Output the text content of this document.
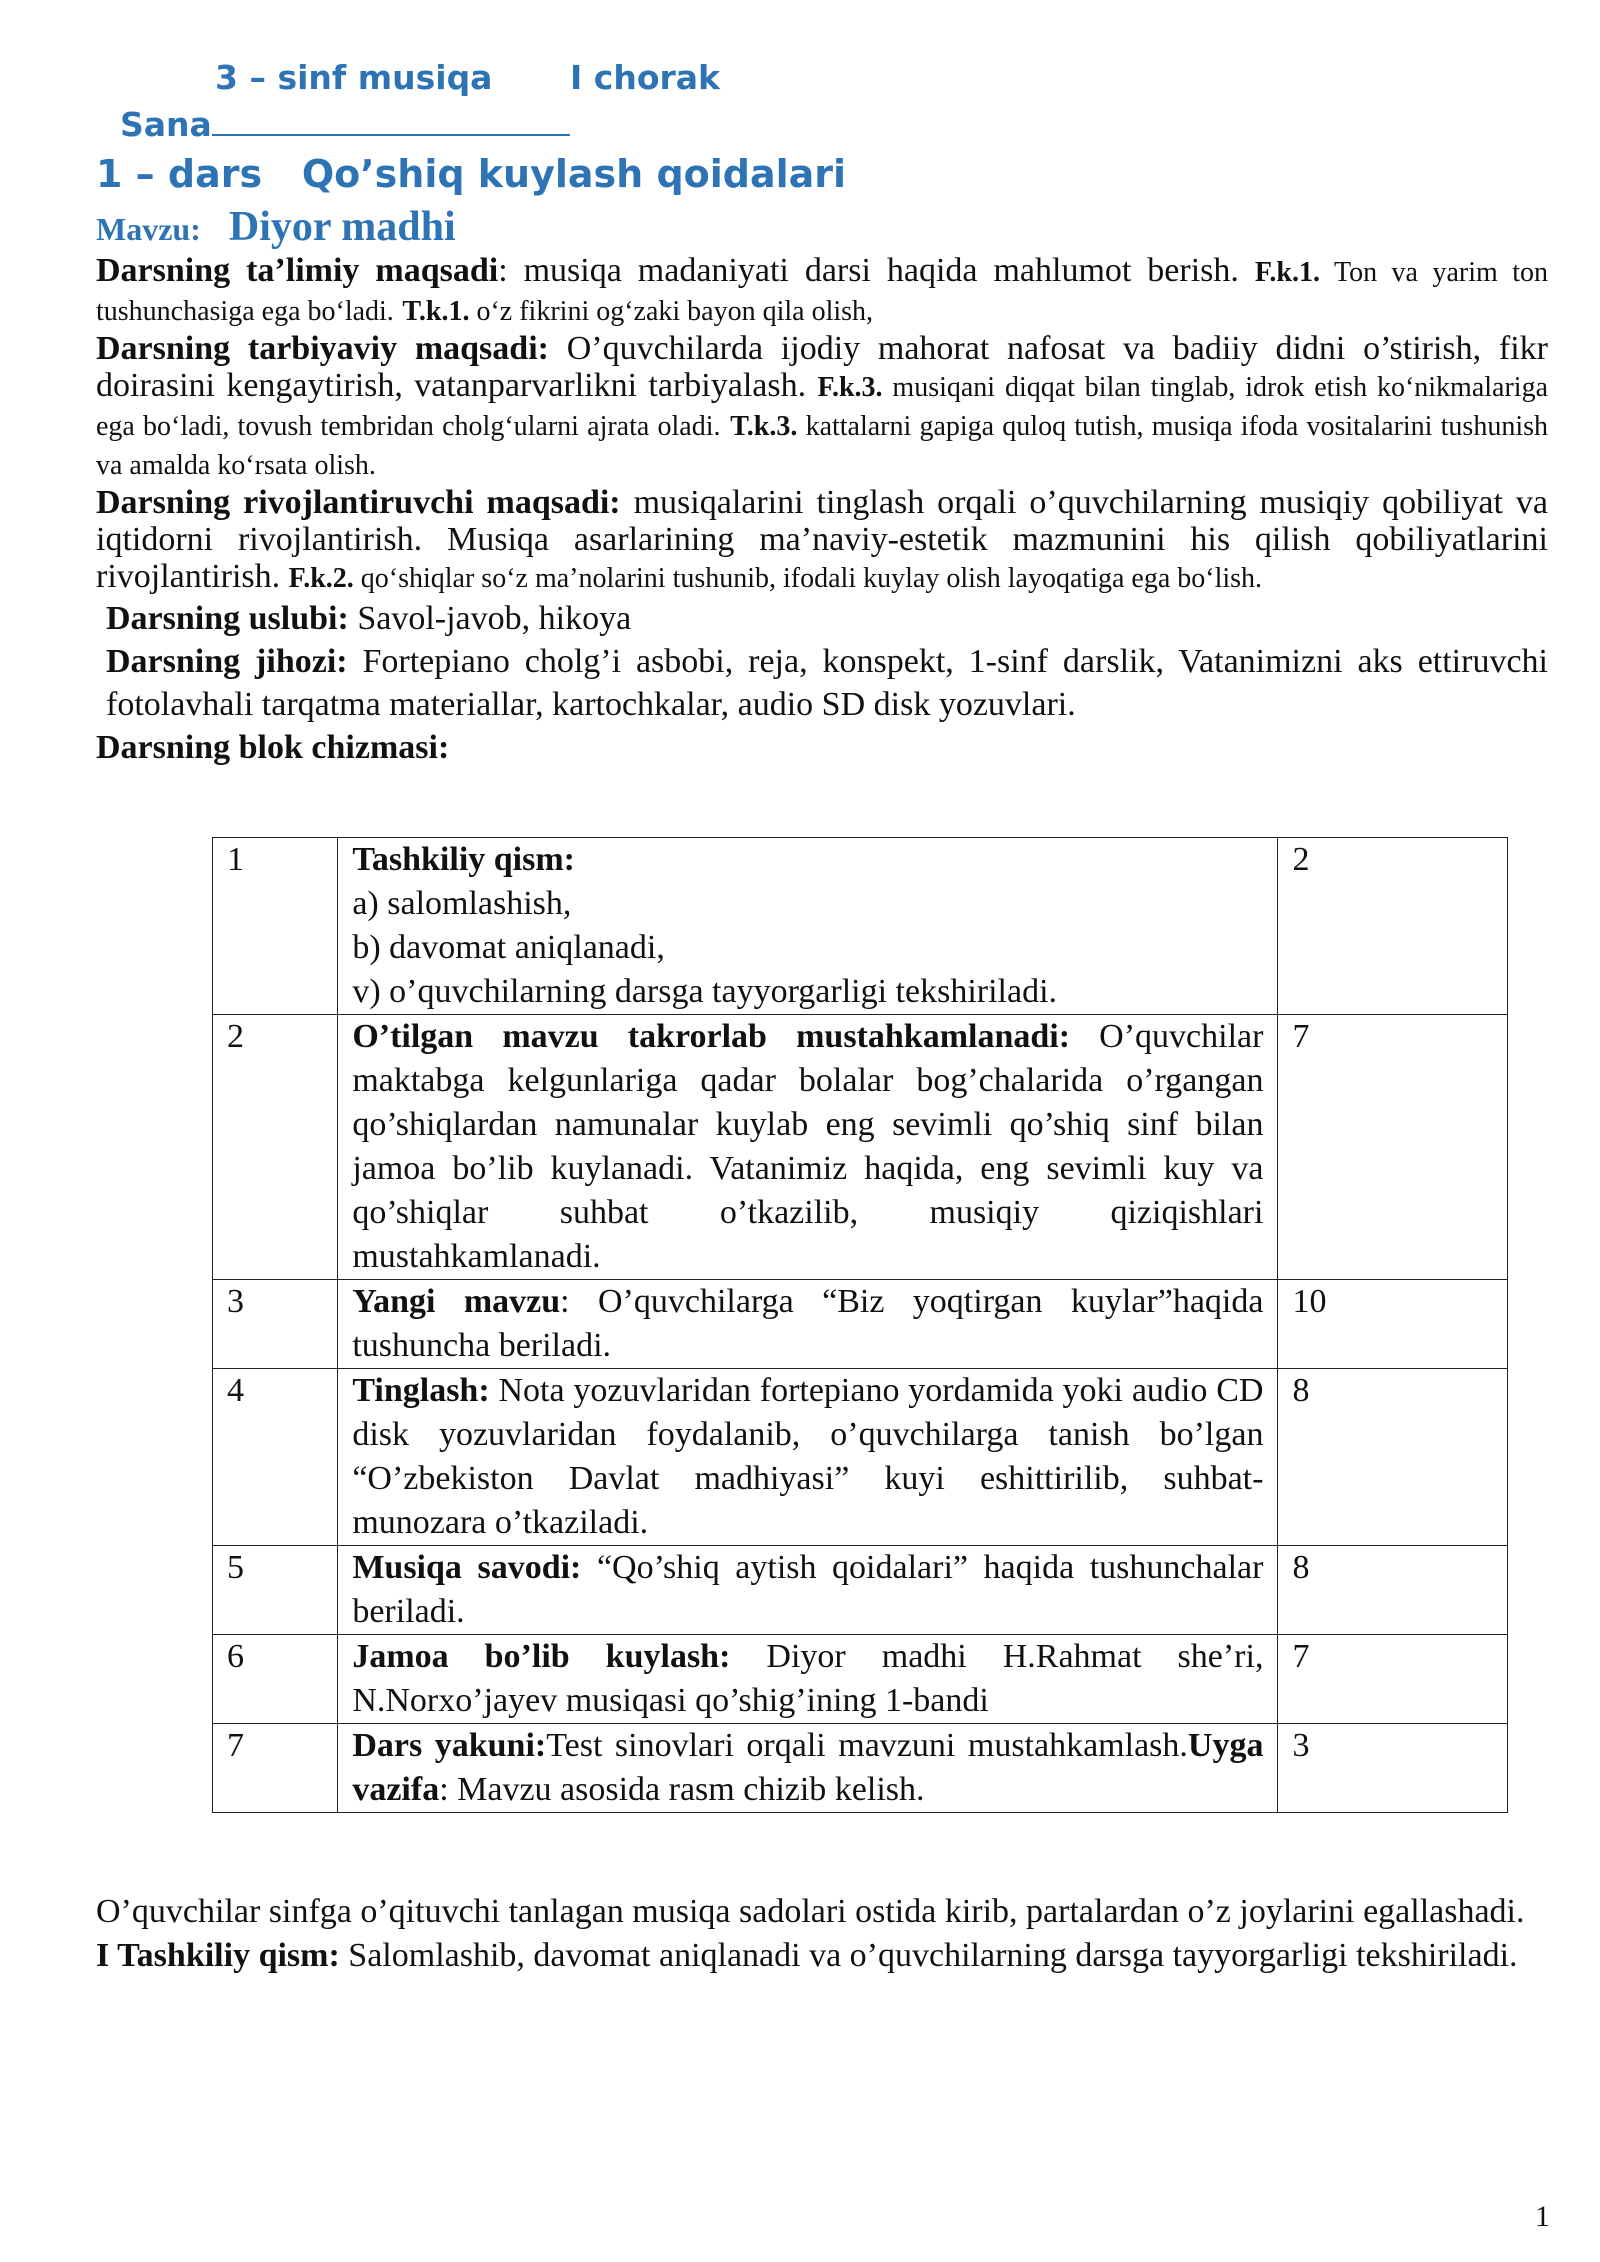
3 – sinf musiqa I chorak
Sana
1 – dars Qo’shiq kuylash qoidalari
Mavzu: Diyor madhi

Darsning ta’limiy maqsadi: musiqa madaniyati darsi haqida mahlumot berish. F.k.1. Ton va yarim ton tushunchasiga ega bo‘ladi. T.k.1. o‘z fikrini og‘zaki bayon qila olish,

Darsning tarbiyaviy maqsadi: O’quvchilarda ijodiy mahorat nafosat va badiiy didni o’stirish, fikr doirasini kengaytirish, vatanparvarlikni tarbiyalash. F.k.3. musiqani diqqat bilan tinglab, idrok etish ko‘nikmalariga ega bo‘ladi, tovush tembridan cholg‘ularni ajrata oladi. T.k.3. kattalarni gapiga quloq tutish, musiqa ifoda vositalarini tushunish va amalda ko‘rsata olish.

Darsning rivojlantiruvchi maqsadi: musiqalarini tinglash orqali o’quvchilarning musiqiy qobiliyat va iqtidorni rivojlantirish. Musiqa asarlarining ma’naviy-estetik mazmunini his qilish qobiliyatlarini rivojlantirish. F.k.2. qo‘shiqlar so‘z ma’nolarini tushunib, ifodali kuylay olish layoqatiga ega bo‘lish.

Darsning uslubi: Savol-javob, hikoya

Darsning jihozi: Fortepiano cholg’i asbobi, reja, konspekt, 1-sinf darslik, Vatanimizni aks ettiruvchi fotolavhali tarqatma materiallar, kartochkalar, audio SD disk yozuvlari.

Darsning blok chizmasi:

1	Tashkiliy qism:
a) salomlashish,
b) davomat aniqlanadi,
v) o’quvchilarning darsga tayyorgarligi tekshiriladi.	2
2	O’tilgan mavzu takrorlab mustahkamlanadi: O’quvchilar maktabga kelgunlariga qadar bolalar bog’chalarida o’rgangan qo’shiqlardan namunalar kuylab eng sevimli qo’shiq sinf bilan jamoa bo’lib kuylanadi. Vatanimiz haqida, eng sevimli kuy va qo’shiqlar suhbat o’tkazilib, musiqiy qiziqishlari mustahkamlanadi.	7
3	Yangi mavzu: O’quvchilarga “Biz yoqtirgan kuylar”haqida tushuncha beriladi.	10
4	Tinglash: Nota yozuvlaridan fortepiano yordamida yoki audio CD disk yozuvlaridan foydalanib, o’quvchilarga tanish bo’lgan “O’zbekiston Davlat madhiyasi” kuyi eshittirilib, suhbat-munozara o’tkaziladi.	8
5	Musiqa savodi: “Qo’shiq aytish qoidalari” haqida tushunchalar beriladi.	8
6	Jamoa bo’lib kuylash: Diyor madhi H.Rahmat she’ri, N.Norxo’jayev musiqasi qo’shig’ining 1-bandi	7
7	Dars yakuni:Test sinovlari orqali mavzuni mustahkamlash.Uyga vazifa: Mavzu asosida rasm chizib kelish.	3

O’quvchilar sinfga o’qituvchi tanlagan musiqa sadolari ostida kirib, partalardan o’z joylarini egallashadi.

I Tashkiliy qism: Salomlashib, davomat aniqlanadi va o’quvchilarning darsga tayyorgarligi tekshiriladi.

1
